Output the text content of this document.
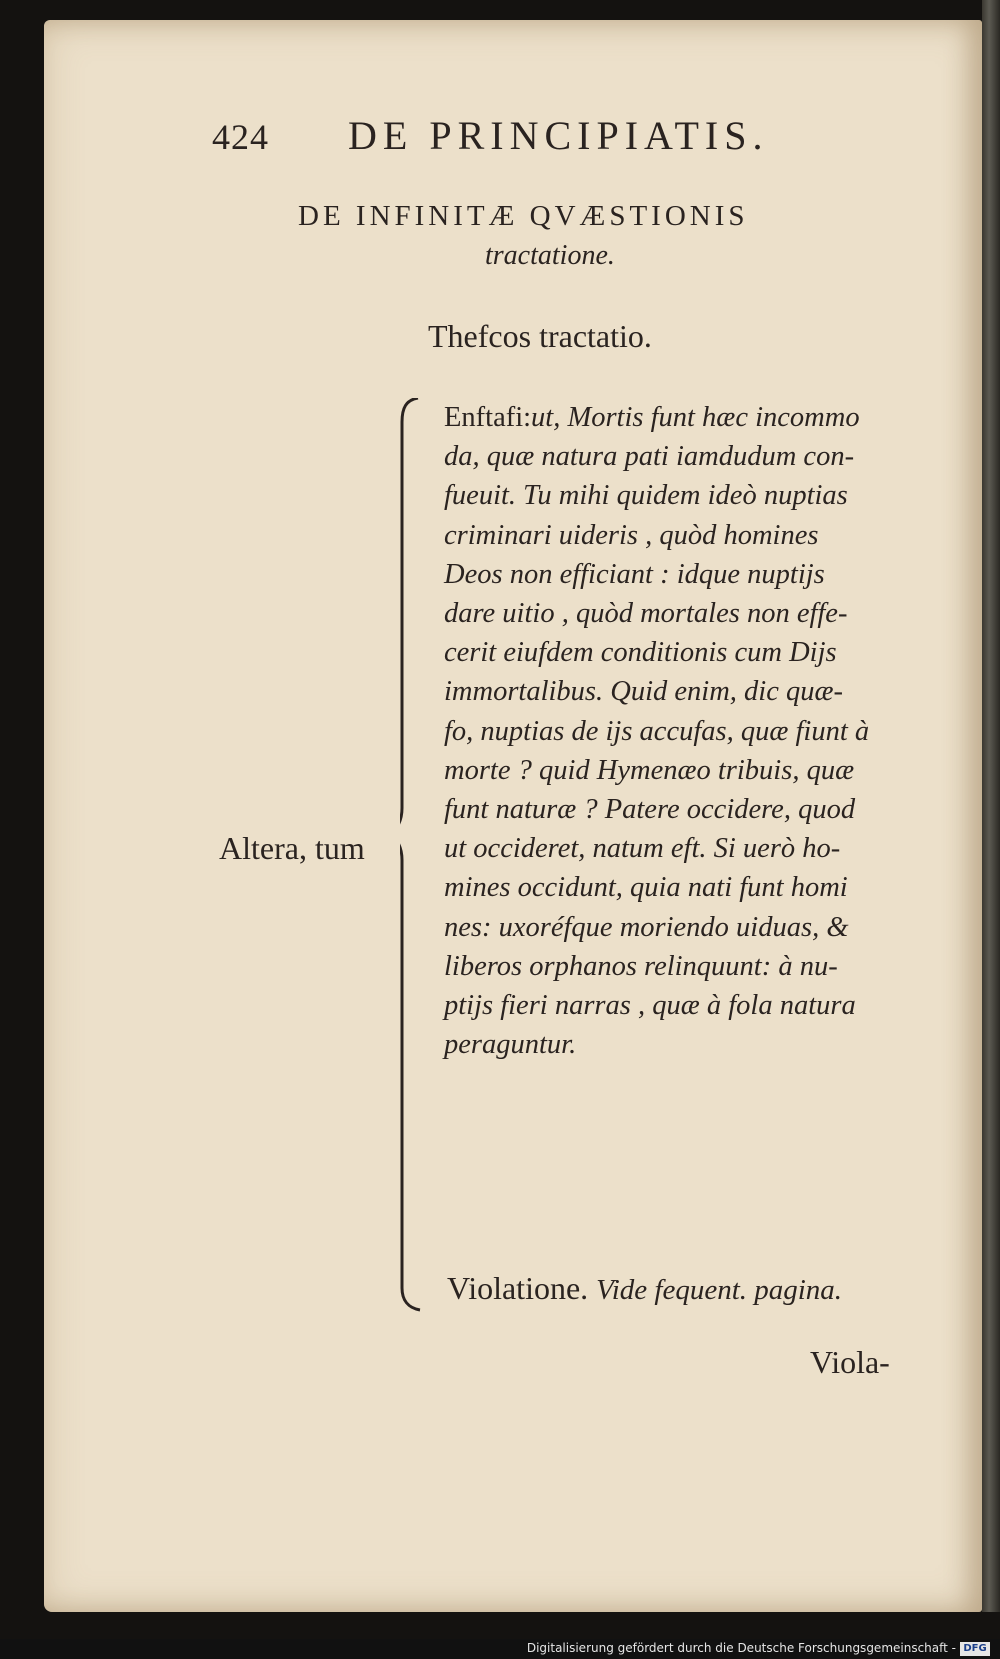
424 DE PRINCIPIATIS.
DE INFINITÆ QVÆSTIONIS
tractatione.
Thefcos tractatio.
Altera, tum
Enftafi:ut, Mortis funt hæc incommo
da, quæ natura pati iamdudum con-
fueuit. Tu mihi quidem ideò nuptias
criminari uideris , quòd homines
Deos non efficiant : idque nuptijs
dare uitio , quòd mortales non effe-
cerit eiufdem conditionis cum Dijs
immortalibus. Quid enim, dic quæ-
fo, nuptias de ijs accufas, quæ fiunt à
morte ? quid Hymenæo tribuis, quæ
funt naturæ ? Patere occidere, quod
ut occideret, natum eft. Si uerò ho-
mines occidunt, quia nati funt homi
nes: uxoréfque moriendo uiduas, &
liberos orphanos relinquunt: à nu-
ptijs fieri narras , quæ à fola natura
peraguntur.
Violatione. Vide fequent. pagina.
Viola-
Digitalisierung gefördert durch die Deutsche Forschungsgemeinschaft - DFG
